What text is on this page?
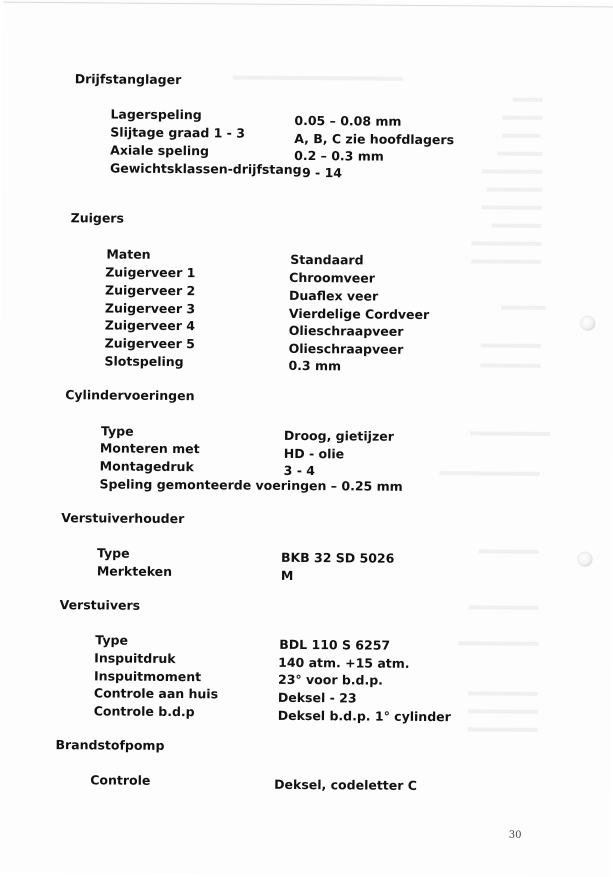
Drijfstanglager
Lagerspeling	0.05 – 0.08 mm
Slijtage graad 1 - 3	A, B, C zie hoofdlagers
Axiale speling	0.2 – 0.3 mm
Gewichtsklassen-drijfstang 9 - 14
Zuigers
Maten	Standaard
Zuigerveer 1	Chroomveer
Zuigerveer 2	Duaflex veer
Zuigerveer 3	Vierdelige Cordveer
Zuigerveer 4	Olieschraapveer
Zuigerveer 5	Olieschraapveer
Slotspeling	0.3 mm
Cylindervoeringen
Type	Droog, gietijzer
Monteren met	HD - olie
Montagedruk	3 - 4
Speling gemonteerde voeringen – 0.25 mm
Verstuiverhouder
Type	BKB 32 SD 5026
Merkteken	M
Verstuivers
Type	BDL 110 S 6257
Inspuitdruk	140 atm. +15 atm.
Inspuitmoment	23° voor b.d.p.
Controle aan huis	Deksel - 23
Controle b.d.p	Deksel b.d.p. 1° cylinder
Brandstofpomp
Controle	Deksel, codeletter C
30
